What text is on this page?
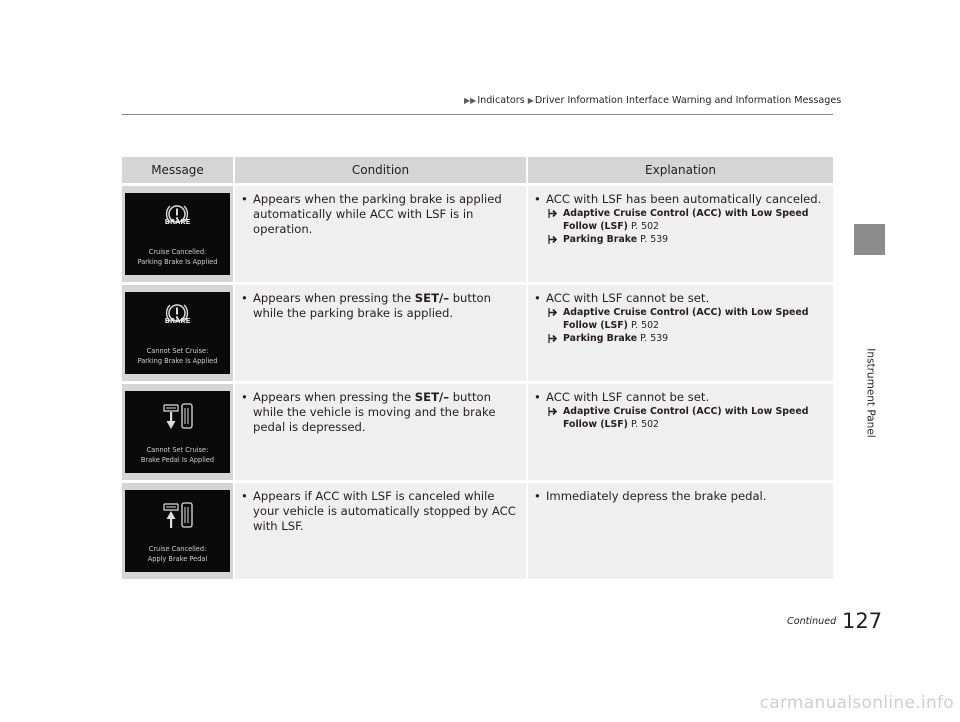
▶▶ Indicators ▶ Driver Information Interface Warning and Information Messages
Instrument Panel
Message	Condition	Explanation
BRAKE
Cruise Cancelled:
Parking Brake Is Applied
• Appears when the parking brake is applied automatically while ACC with LSF is in operation.
• ACC with LSF has been automatically canceled.
Adaptive Cruise Control (ACC) with Low Speed Follow (LSF) P. 502
Parking Brake P. 539
BRAKE
Cannot Set Cruise:
Parking Brake Is Applied
• Appears when pressing the SET/– button while the parking brake is applied.
• ACC with LSF cannot be set.
Adaptive Cruise Control (ACC) with Low Speed Follow (LSF) P. 502
Parking Brake P. 539
Cannot Set Cruise:
Brake Pedal Is Applied
• Appears when pressing the SET/– button while the vehicle is moving and the brake pedal is depressed.
• ACC with LSF cannot be set.
Adaptive Cruise Control (ACC) with Low Speed Follow (LSF) P. 502
Cruise Cancelled:
Apply Brake Pedal
• Appears if ACC with LSF is canceled while your vehicle is automatically stopped by ACC with LSF.
• Immediately depress the brake pedal.
Continued 127
carmanualsonline.info
